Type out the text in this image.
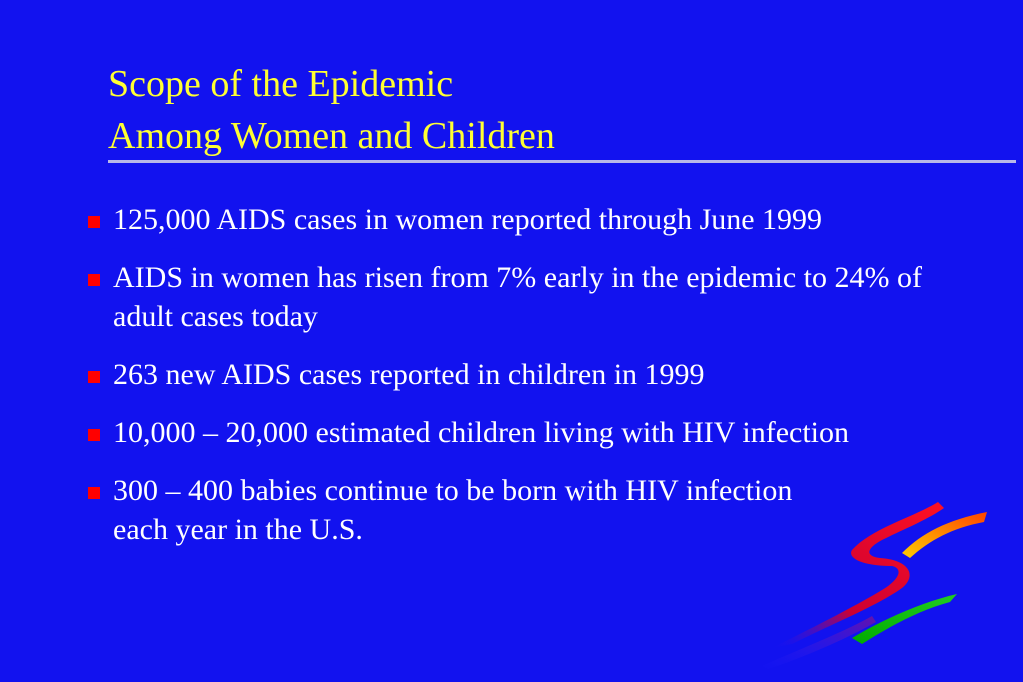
Scope of the Epidemic
Among Women and Children
125,000 AIDS cases in women reported through June 1999
AIDS in women has risen from 7% early in the epidemic to 24% of adult cases today
263 new AIDS cases reported in children in 1999
10,000 – 20,000 estimated children living with HIV infection
300 – 400 babies continue to be born with HIV infection each year in the U.S.
